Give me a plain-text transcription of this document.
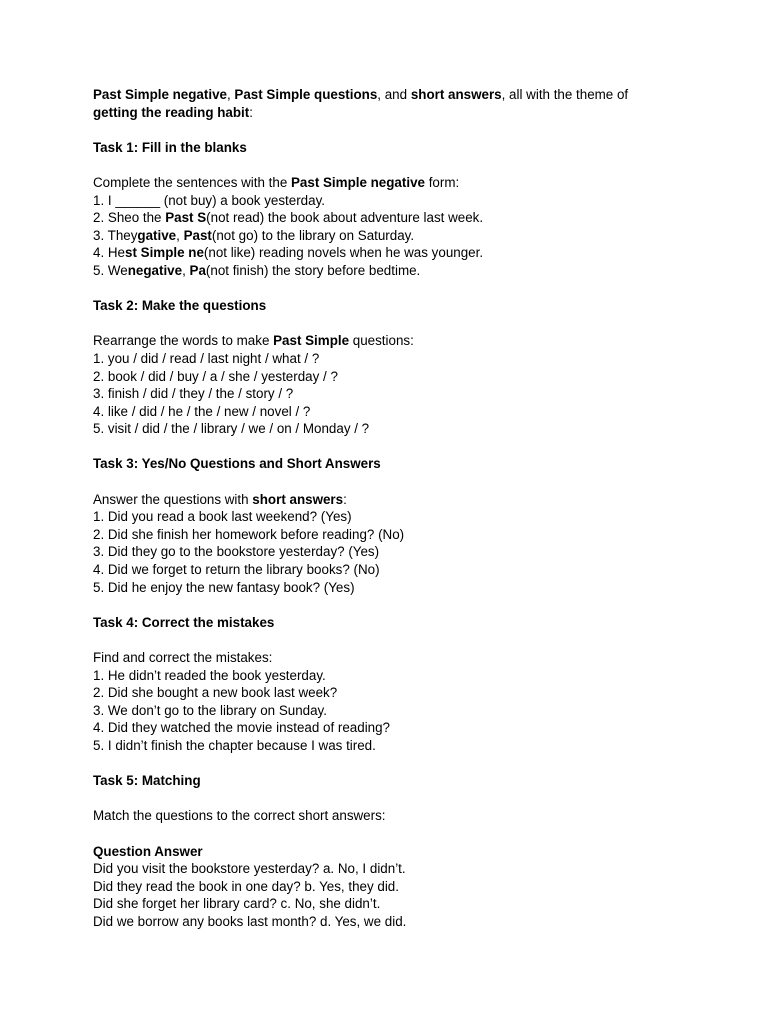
Past Simple negative, Past Simple questions, and short answers, all with the theme of
getting the reading habit:

Task 1: Fill in the blanks

Complete the sentences with the Past Simple negative form:

1. I ______ (not buy) a book yesterday.

2. Sheo the Past S(not read) the book about adventure last week.

3. Theygative, Past(not go) to the library on Saturday.

4. Hest Simple ne(not like) reading novels when he was younger.

5. Wenegative, Pa(not finish) the story before bedtime.

Task 2: Make the questions

Rearrange the words to make Past Simple questions:

1. you / did / read / last night / what / ?

2. book / did / buy / a / she / yesterday / ?

3. finish / did / they / the / story / ?

4. like / did / he / the / new / novel / ?

5. visit / did / the / library / we / on / Monday / ?

Task 3: Yes/No Questions and Short Answers

Answer the questions with short answers:

1. Did you read a book last weekend? (Yes)

2. Did she finish her homework before reading? (No)

3. Did they go to the bookstore yesterday? (Yes)

4. Did we forget to return the library books? (No)

5. Did he enjoy the new fantasy book? (Yes)

Task 4: Correct the mistakes

Find and correct the mistakes:

1. He didn’t readed the book yesterday.

2. Did she bought a new book last week?

3. We don’t go to the library on Sunday.

4. Did they watched the movie instead of reading?

5. I didn’t finish the chapter because I was tired.

Task 5: Matching

Match the questions to the correct short answers:

Question Answer

Did you visit the bookstore yesterday? a. No, I didn’t.

Did they read the book in one day? b. Yes, they did.

Did she forget her library card? c. No, she didn’t.

Did we borrow any books last month? d. Yes, we did.
